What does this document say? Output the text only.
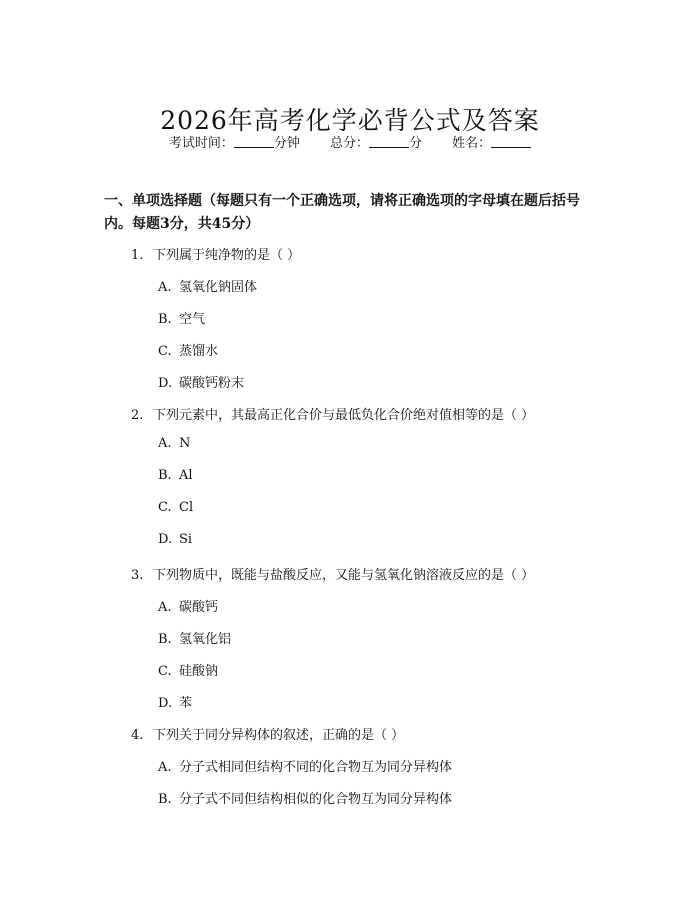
2026年高考化学必背公式及答案
考试时间：	分钟 总分：	分 姓名：
一、单项选择题（每题只有一个正确选项，请将正确选项的字母填在题后括号内。每题3分，共45分）
1. 下列属于纯净物的是（ ）
A. 氢氧化钠固体
B. 空气
C. 蒸馏水
D. 碳酸钙粉末
2. 下列元素中，其最高正化合价与最低负化合价绝对值相等的是（ ）
A. N
B. Al
C. Cl
D. Si
3. 下列物质中，既能与盐酸反应，又能与氢氧化钠溶液反应的是（ ）
A. 碳酸钙
B. 氢氧化铝
C. 硅酸钠
D. 苯
4. 下列关于同分异构体的叙述，正确的是（ ）
A. 分子式相同但结构不同的化合物互为同分异构体
B. 分子式不同但结构相似的化合物互为同分异构体
